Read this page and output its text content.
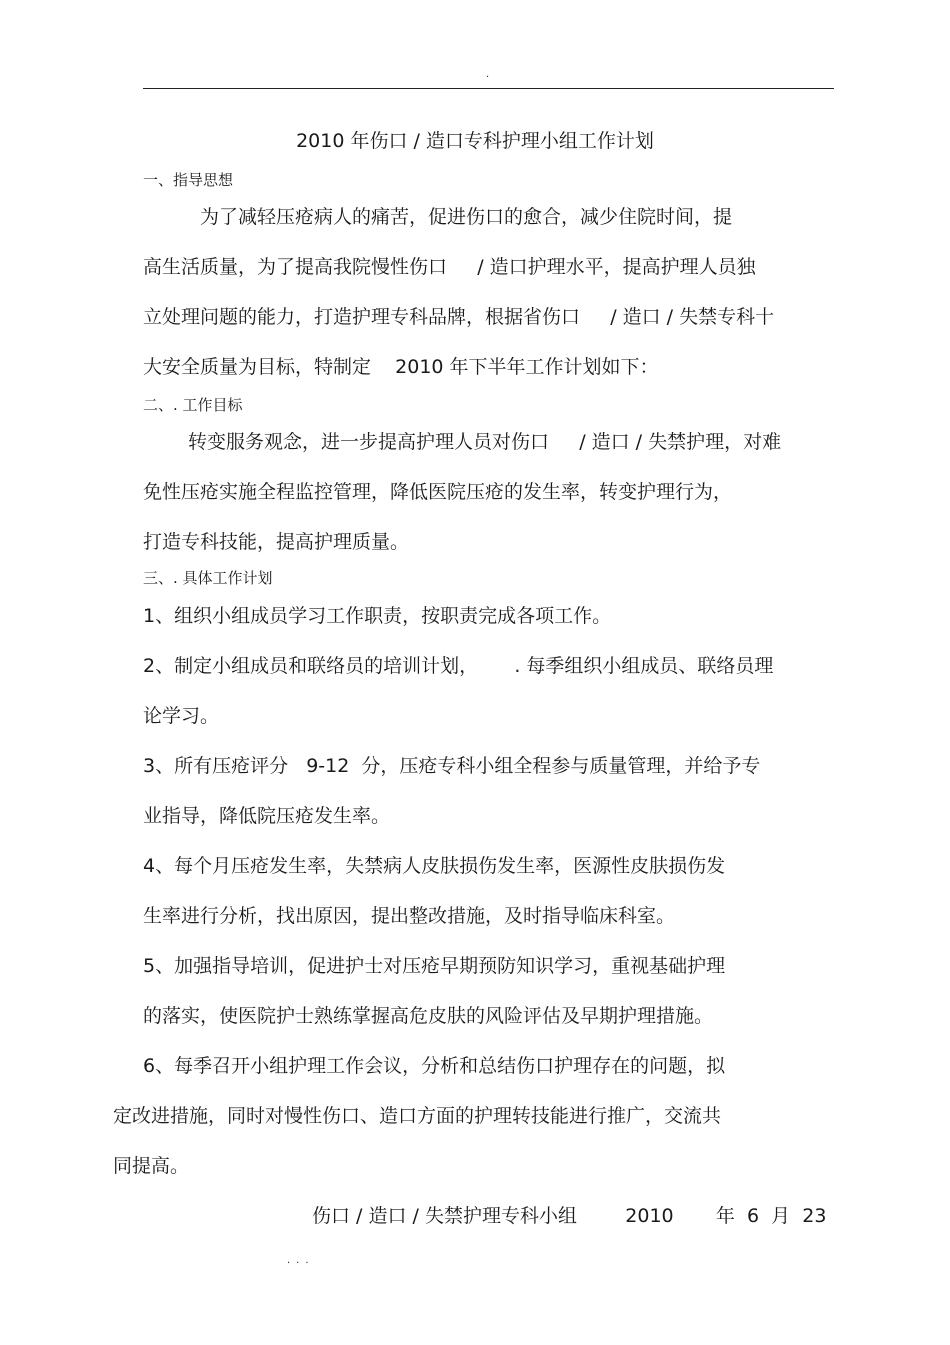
.
2010 年伤口 / 造口专科护理小组工作计划
一、指导思想
为了减轻压疮病人的痛苦，促进伤口的愈合，减少住院时间，提
高生活质量，为了提高我院慢性伤口     / 造口护理水平，提高护理人员独
立处理问题的能力，打造护理专科品牌，根据省伤口     / 造口 / 失禁专科十
大安全质量为目标，特制定    2010 年下半年工作计划如下：
二、. 工作目标
转变服务观念，进一步提高护理人员对伤口     / 造口 / 失禁护理，对难
免性压疮实施全程监控管理，降低医院压疮的发生率，转变护理行为，
打造专科技能，提高护理质量。
三、. 具体工作计划
1、组织小组成员学习工作职责，按职责完成各项工作。
2、制定小组成员和联络员的培训计划，      . 每季组织小组成员、联络员理
论学习。
3、所有压疮评分   9-12  分，压疮专科小组全程参与质量管理，并给予专
业指导，降低院压疮发生率。
4、每个月压疮发生率，失禁病人皮肤损伤发生率，医源性皮肤损伤发
生率进行分析，找出原因，提出整改措施，及时指导临床科室。
5、加强指导培训，促进护士对压疮早期预防知识学习，重视基础护理
的落实，使医院护士熟练掌握高危皮肤的风险评估及早期护理措施。
6、每季召开小组护理工作会议，分析和总结伤口护理存在的问题，拟
定改进措施，同时对慢性伤口、造口方面的护理转技能进行推广，交流共
同提高。
伤口 / 造口 / 失禁护理专科小组        2010       年  6  月  23
...
